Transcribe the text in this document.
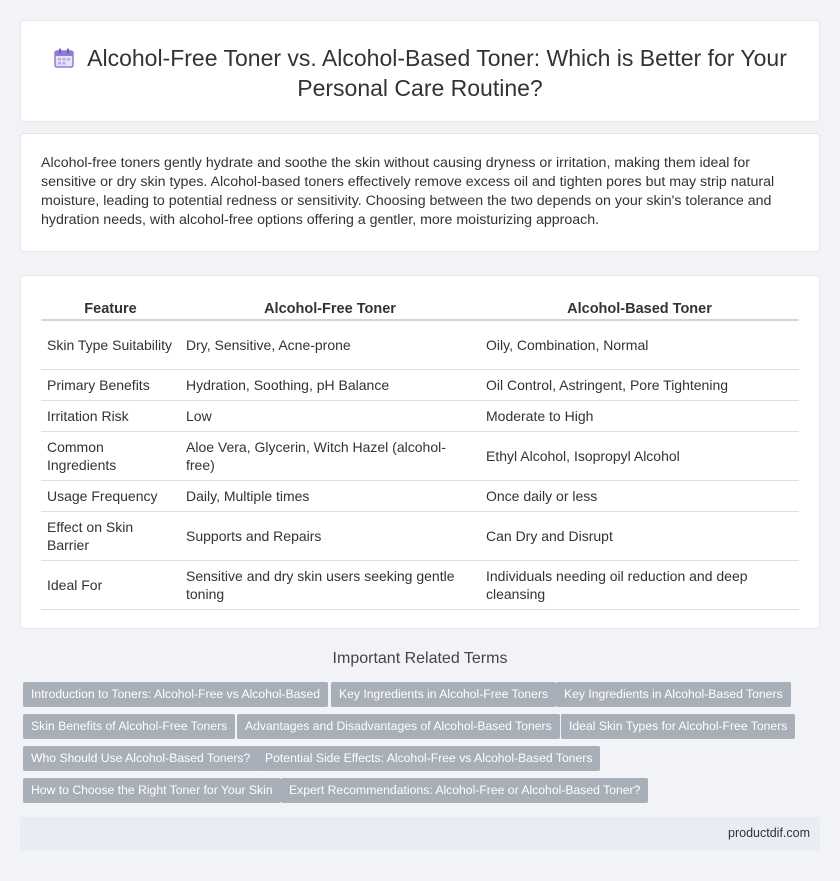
Alcohol-Free Toner vs. Alcohol-Based Toner: Which is Better for Your Personal Care Routine?

Alcohol-free toners gently hydrate and soothe the skin without causing dryness or irritation, making them ideal for sensitive or dry skin types. Alcohol-based toners effectively remove excess oil and tighten pores but may strip natural moisture, leading to potential redness or sensitivity. Choosing between the two depends on your skin's tolerance and hydration needs, with alcohol-free options offering a gentler, more moisturizing approach.

Feature	Alcohol-Free Toner	Alcohol-Based Toner
Skin Type Suitability	Dry, Sensitive, Acne-prone	Oily, Combination, Normal
Primary Benefits	Hydration, Soothing, pH Balance	Oil Control, Astringent, Pore Tightening
Irritation Risk	Low	Moderate to High
Common Ingredients	Aloe Vera, Glycerin, Witch Hazel (alcohol-free)	Ethyl Alcohol, Isopropyl Alcohol
Usage Frequency	Daily, Multiple times	Once daily or less
Effect on Skin Barrier	Supports and Repairs	Can Dry and Disrupt
Ideal For	Sensitive and dry skin users seeking gentle toning	Individuals needing oil reduction and deep cleansing
Important Related Terms
Introduction to Toners: Alcohol-Free vs Alcohol-Based	Key Ingredients in Alcohol-Free Toners	Key Ingredients in Alcohol-Based Toners
Skin Benefits of Alcohol-Free Toners	Advantages and Disadvantages of Alcohol-Based Toners	Ideal Skin Types for Alcohol-Free Toners
Who Should Use Alcohol-Based Toners?	Potential Side Effects: Alcohol-Free vs Alcohol-Based Toners
How to Choose the Right Toner for Your Skin	Expert Recommendations: Alcohol-Free or Alcohol-Based Toner?
productdif.com
